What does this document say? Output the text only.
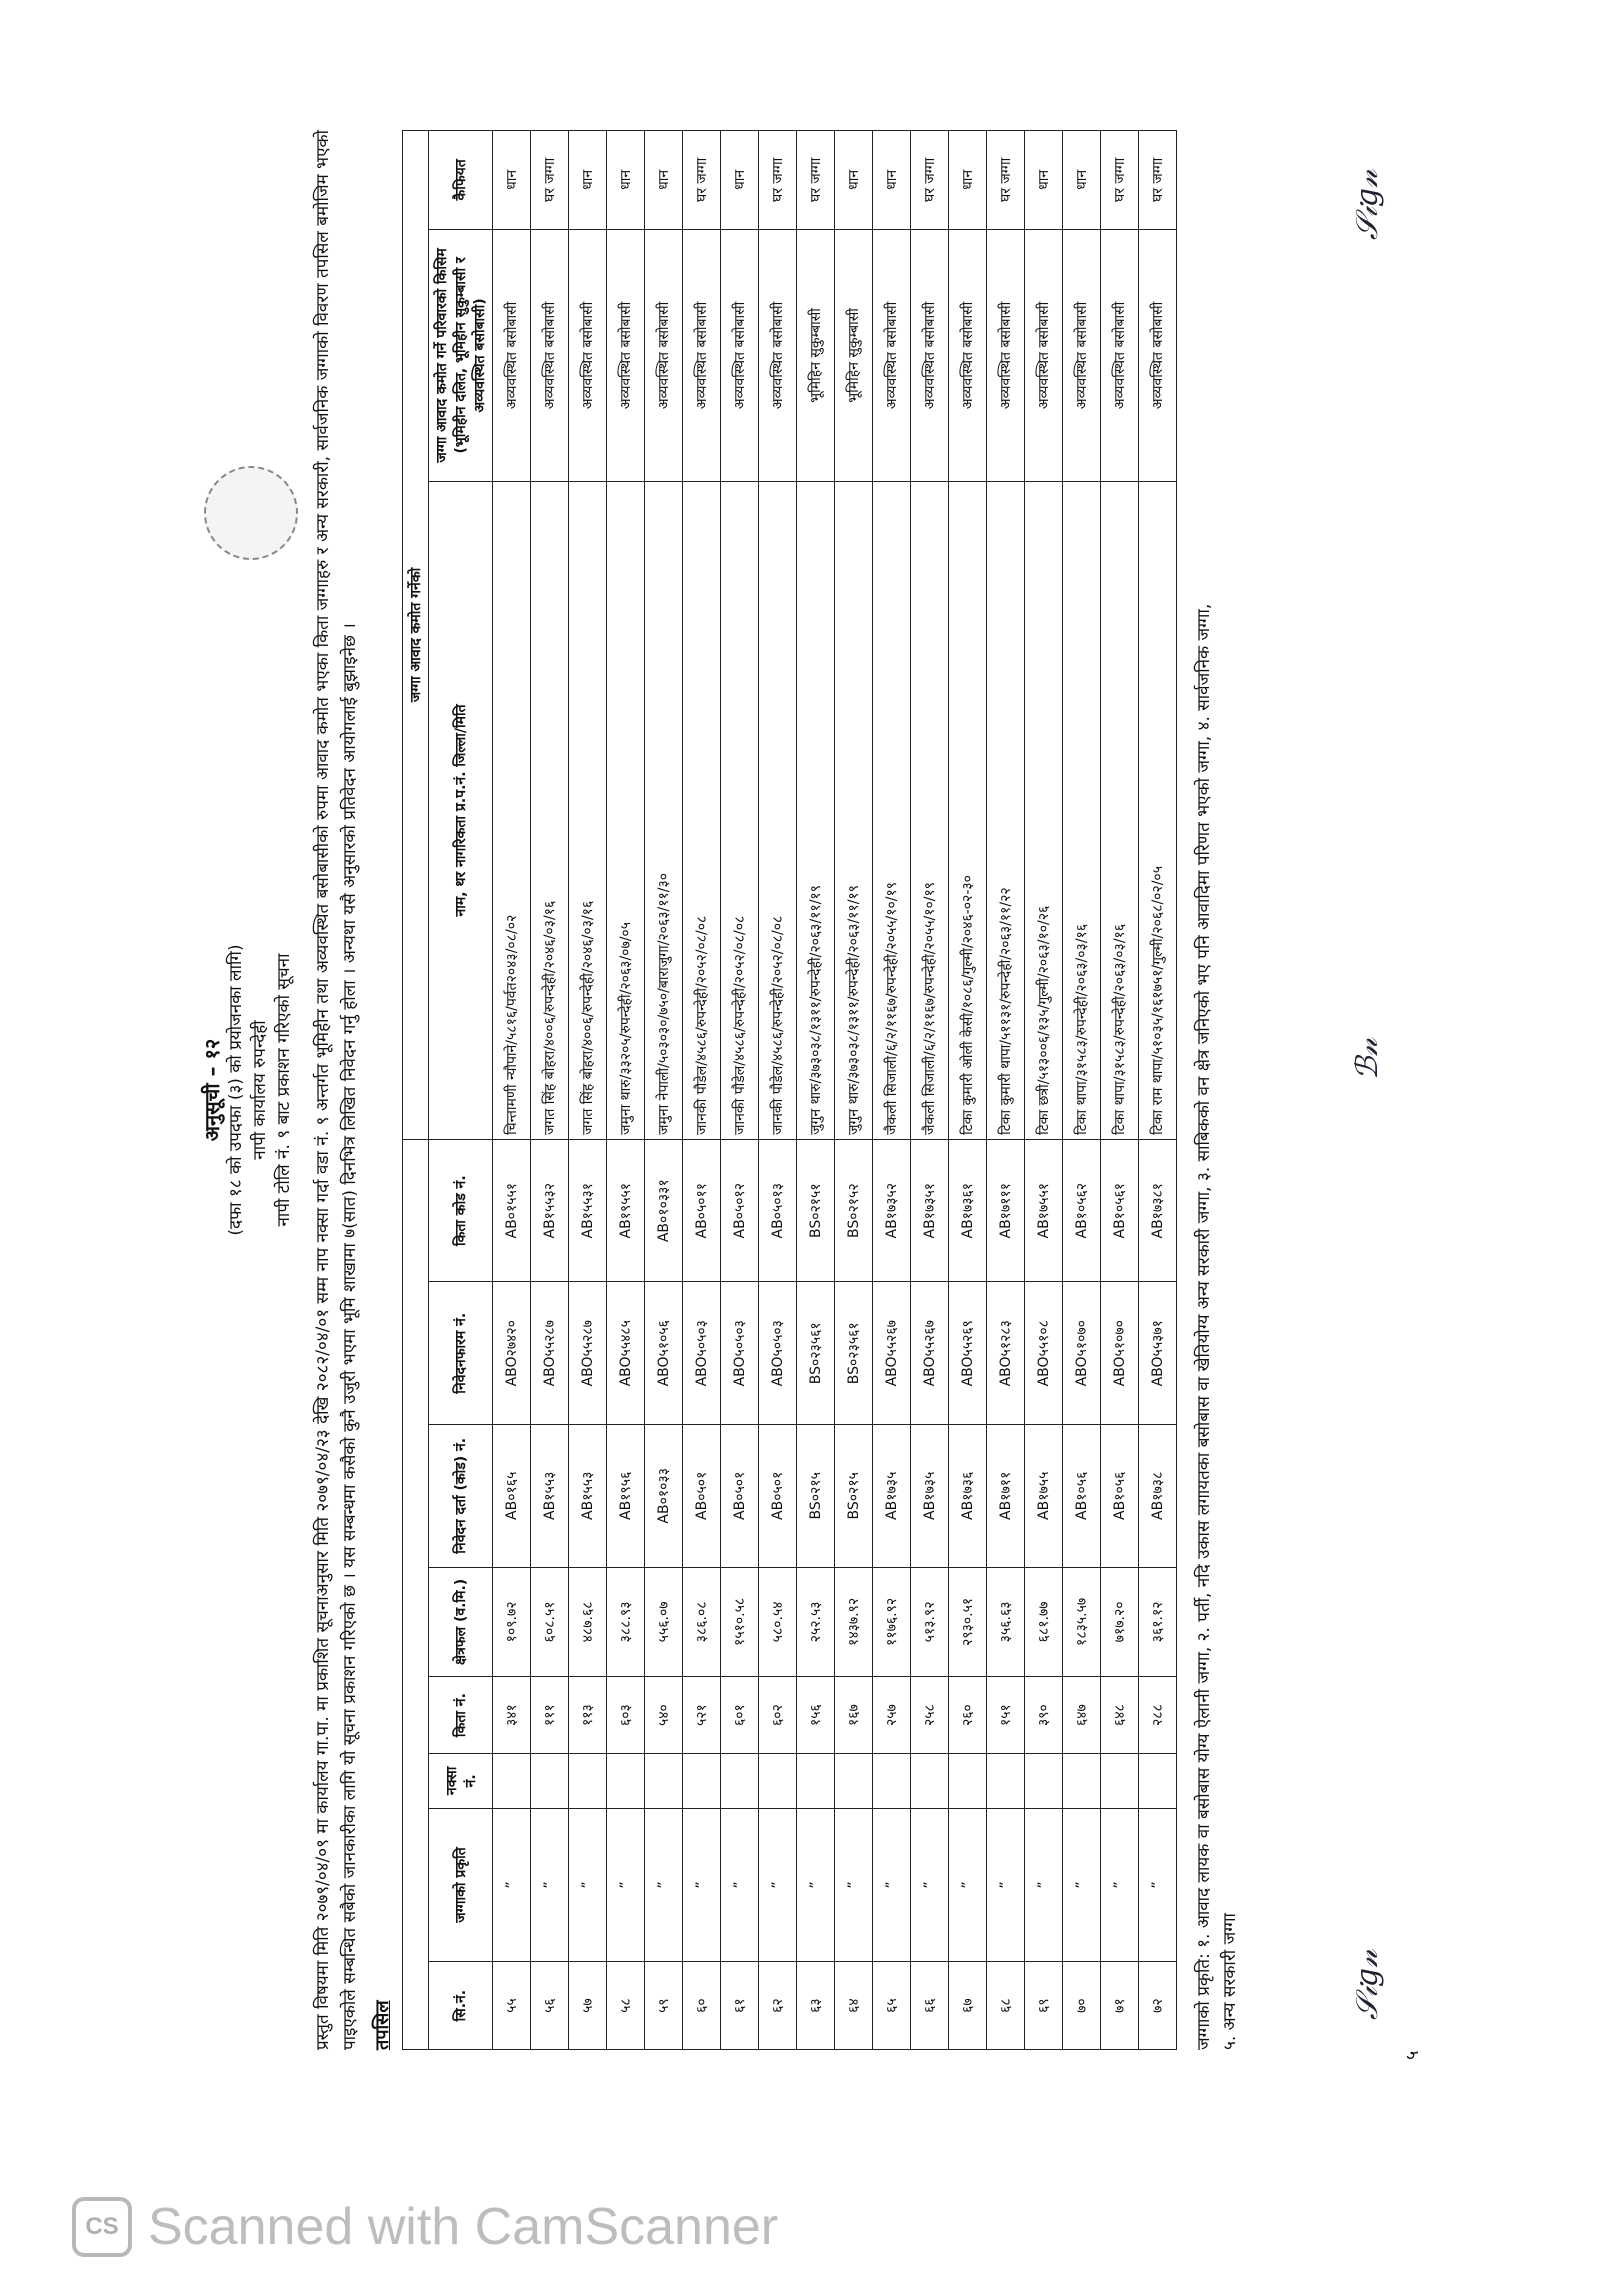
अनुसूची – १२ (दफा १८ को उपदफा (३) को प्रयोजनका लागि) नापी कार्यालय रुपन्देही नापी टोलि नं. ९ बाट प्रकाशन गरिएको सूचना प्रस्तुत विषयमा मिति २०७९/०४/०९ मा कार्यालय गा.पा. मा प्रकाशित सूचनाअनुसार मिति २०७९/०४/२३ देखि २०८२/०४/०१ सम्म नाप नक्सा गर्दा वडा नं. ९ अन्तर्गत भूमिहीन तथा अव्यवस्थित बसोबासीको रुपमा आवाद कमोत भएका किता जग्गाहरु र अन्य सरकारी, सार्वजनिक जग्गाको विवरण तपसिल बमोजिम भएको पाइएकोले सम्बन्धित सबैको जानकारीका लागि यो सूचना प्रकाशन गरिएको छ । यस सम्बन्धमा कसैको कुनै उजुरी भएमा भूमि शाखामा ७(सात) दिनभित्र लिखित निवेदन गर्नु होला । अन्यथा यसै अनुसारको प्रतिवेदन आयोगलाई बुझाइनेछ । तपसिल
								जग्गा आवाद कमोत गर्नेको		
सि.नं.	जग्गाको प्रकृति	नक्सा नं.	किता नं.	क्षेत्रफल (व.मि.)	निवेदन दर्ता (कोड) नं.	निवेदनफारम नं.	किता कोड नं.	नाम, थर नागरिकता प्र.प.नं. जिल्ला/मिति	जग्गा आवाद कमोत गर्ने परिवारको किसिम (भूमिहीन दलित, भूमिहीन सुकुम्बासी र अव्यवस्थित बसोबासी)	कैफियत
५५	”		३४१	१०९.७२	AB०१६५	ABO२७४२०	AB०१५५१	चिन्तामणी न्यौपाने/५८१६/पर्वत२०४३/०८/०२	अव्यवस्थित बसोबासी	धान
५६	”		१११	६०८.५१	AB१५५३	ABO५५२८७	AB१५५३२	जगत सिंह बोहरा/४००६/रुपन्देही/२०४६/०३/१६	अव्यवस्थित बसोबासी	घर जग्गा
५७	”		११३	४८७.६८	AB१५५३	ABO५५२८७	AB१५५३१	जगत सिंह बोहरा/४००६/रुपन्देही/२०४६/०३/१६	अव्यवस्थित बसोबासी	धान
५८	”		६०३	३८८.९३	AB१९५६	ABO५५४८५	AB१९५५१	जमुना थारु/३३२०५/रुपन्देही/२०६३/०७/०५	अव्यवस्थित बसोबासी	धान
५९	”		५४०	५५६.०७	AB०१०३३	ABO५१०५६	AB०१०३३१	जमुना नेपाली/५०३०३०/७५०/बाराजुगा/२०६३/११/३०	अव्यवस्थित बसोबासी	धान
६०	”		५२१	३८६.०८	AB०५०१	ABO५०५०३	AB०५०११	जानकी पौडेल/४५८६/रुपन्देही/२०५२/०८/०८	अव्यवस्थित बसोबासी	घर जग्गा
६१	”		६०१	१५१०.५८	AB०५०१	ABO५०५०३	AB०५०१२	जानकी पौडेल/४५८६/रुपन्देही/२०५२/०८/०८	अव्यवस्थित बसोबासी	धान
६२	”		६०२	५८०.५४	AB०५०१	ABO५०५०३	AB०५०१३	जानकी पौडेल/४५८६/रुपन्देही/२०५२/०८/०८	अव्यवस्थित बसोबासी	घर जग्गा
६३	”		१५६	२५२.५३	BS०२१५	BS०२३५६१	BS०२१५१	जुगुन थारु/३७३०३८/१३११/रुपन्देही/२०६३/११/१९	भूमिहिन सुकुम्बासी	घर जग्गा
६४	”		१६७	१४३७.९२	BS०२१५	BS०२३५६१	BS०२१५२	जुगुन थारु/३७३०३८/१३११/रुपन्देही/२०६३/११/१९	भूमिहिन सुकुम्बासी	धान
६५	”		२५७	११७६.९२	AB१७३५	ABO५५२६७	AB१७३५२	जैकली सिजाली/६/२/११६७/रुपन्देही/२०५५/१०/१९	अव्यवस्थित बसोबासी	धान
६६	”		२५८	५१३.९२	AB१७३५	ABO५५२६७	AB१७३५१	जैकली सिजाली/६/२/११६७/रुपन्देही/२०५५/१०/१९	अव्यवस्थित बसोबासी	घर जग्गा
६७	”		२६०	२९३०.५१	AB१७३६	ABO५५२६९	AB१७३६१	टिका कुमारी ओली केसी/१०८६/गुल्मी/२०४६-०२-३०	अव्यवस्थित बसोबासी	धान
६८	”		१५१	३५६.६३	AB१७११	ABO५१२८३	AB१७१११	टिका कुमारी थापा/५११३१/रुपन्देही/२०६३/११/२२	अव्यवस्थित बसोबासी	घर जग्गा
६९	”		३९०	६८१.७७	AB१७५५	ABO५५१०८	AB१७५५१	टिका छत्री/५१३००६/१३५/गुल्मी/२०६३/१०/२६	अव्यवस्थित बसोबासी	धान
७०	”		६४७	१८३५.५७	AB१०५६	ABO५१०७०	AB१०५६२	टिका थापा/३१५८३/रुपन्देही/२०६३/०३/१६	अव्यवस्थित बसोबासी	धान
७१	”		६४८	७१७.२०	AB१०५६	ABO५१०७०	AB१०५६१	टिका थापा/३१५८३/रुपन्देही/२०६३/०३/१६	अव्यवस्थित बसोबासी	घर जग्गा
७२	”		२८८	३६१.१२	AB१७३८	ABO५५३७१	AB१७३८१	टिका राम थापा/५१०३५/१६१७५१/गुल्मी/२०६८/०२/०५	अव्यवस्थित बसोबासी	घर जग्गा
जग्गाको प्रकृति: १. आवाद लायक वा बसोबास योग्य ऐलानी जग्गा, २. पर्ती, नदि उकास लगायतका बसोबास वा खेतियोग्य अन्य सरकारी जग्गा, ३. साबिकको वन क्षेत्र जनिएको भए पनि आवादिमा परिणत भएको जग्गा, ४. सार्वजनिक जग्गा, ५. अन्य सरकारी जग्गा
𝒮𝒾𝑔𝓃
ℬ𝓃
𝒮𝒾𝑔𝓃
५
CS Scanned with CamScanner
